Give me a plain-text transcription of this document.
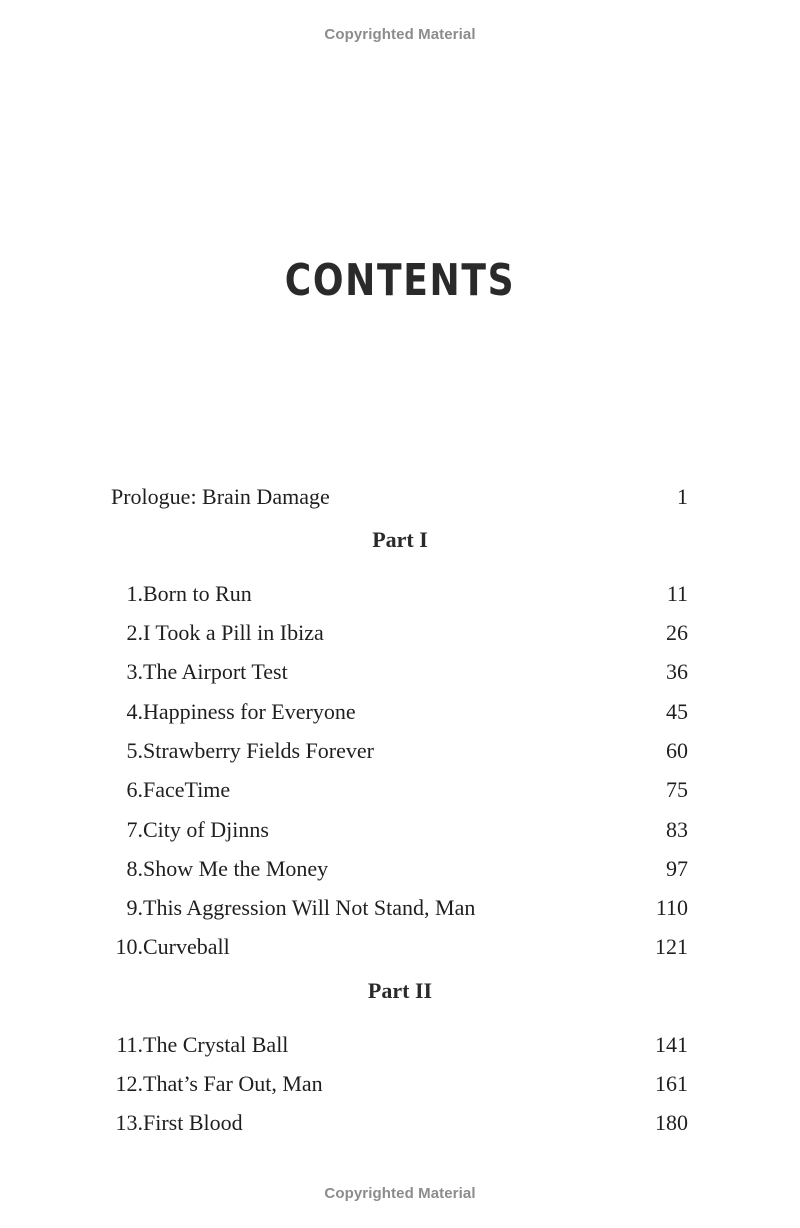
Copyrighted Material
CONTENTS
Prologue: Brain Damage	1
Part I
1. Born to Run	11
2. I Took a Pill in Ibiza	26
3. The Airport Test	36
4. Happiness for Everyone	45
5. Strawberry Fields Forever	60
6. FaceTime	75
7. City of Djinns	83
8. Show Me the Money	97
9. This Aggression Will Not Stand, Man	110
10. Curveball	121
Part II
11. The Crystal Ball	141
12. That’s Far Out, Man	161
13. First Blood	180
Copyrighted Material
